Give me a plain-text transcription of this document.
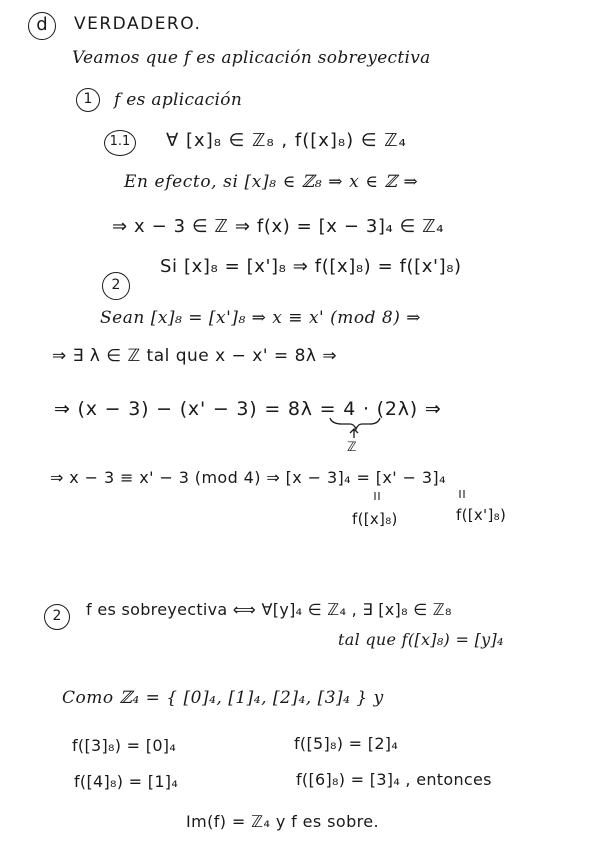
d	VERDADERO.
Veamos que f es aplicación sobreyectiva
1	f es aplicación
1.1	∀ [x]₈ ∈ ℤ₈ , f([x]₈) ∈ ℤ₄
En efecto, si [x]₈ ∈ ℤ₈ ⇒ x ∈ ℤ ⇒
⇒ x − 3 ∈ ℤ ⇒ f(x) = [x − 3]₄ ∈ ℤ₄
2
Si [x]₈ = [x']₈ ⇒ f([x]₈) = f([x']₈)
Sean [x]₈ = [x']₈ ⇒ x ≡ x' (mod 8) ⇒
⇒ ∃ λ ∈ ℤ tal que x − x' = 8λ ⇒
⇒ (x − 3) − (x' − 3) = 8λ = 4 · (2λ) ⇒
ℤ
⇒ x − 3 ≡ x' − 3 (mod 4) ⇒ [x − 3]₄ = [x' − 3]₄
f([x]₈)	f([x']₈)
2	f es sobreyectiva ⟺ ∀[y]₄ ∈ ℤ₄ , ∃ [x]₈ ∈ ℤ₈
tal que f([x]₈) = [y]₄
Como ℤ₄ = { [0]₄, [1]₄, [2]₄, [3]₄ } y
f([3]₈) = [0]₄	f([5]₈) = [2]₄
f([4]₈) = [1]₄	f([6]₈) = [3]₄ , entonces
Im(f) = ℤ₄ y f es sobre.
